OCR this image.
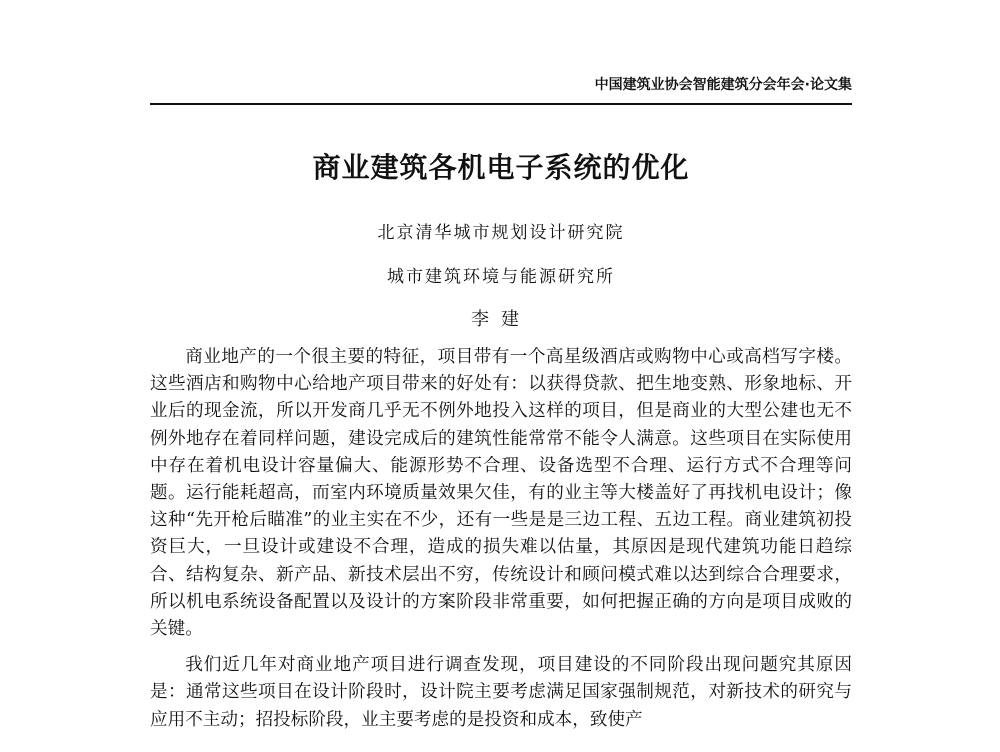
中国建筑业协会智能建筑分会年会·论文集
商业建筑各机电子系统的优化
北京清华城市规划设计研究院
城市建筑环境与能源研究所
李建

商业地产的一个很主要的特征，项目带有一个高星级酒店或购物中心或高档写字楼。这些酒店和购物中心给地产项目带来的好处有：以获得贷款、把生地变熟、形象地标、开业后的现金流，所以开发商几乎无不例外地投入这样的项目，但是商业的大型公建也无不例外地存在着同样问题，建设完成后的建筑性能常常不能令人满意。这些项目在实际使用中存在着机电设计容量偏大、能源形势不合理、设备选型不合理、运行方式不合理等问题。运行能耗超高，而室内环境质量效果欠佳，有的业主等大楼盖好了再找机电设计；像这种“先开枪后瞄准”的业主实在不少，还有一些是是三边工程、五边工程。商业建筑初投资巨大，一旦设计或建设不合理，造成的损失难以估量，其原因是现代建筑功能日趋综合、结构复杂、新产品、新技术层出不穷，传统设计和顾问模式难以达到综合合理要求，所以机电系统设备配置以及设计的方案阶段非常重要，如何把握正确的方向是项目成败的关键。

我们近几年对商业地产项目进行调查发现，项目建设的不同阶段出现问题究其原因是：通常这些项目在设计阶段时，设计院主要考虑满足国家强制规范，对新技术的研究与应用不主动；招投标阶段，业主要考虑的是投资和成本，致使产
